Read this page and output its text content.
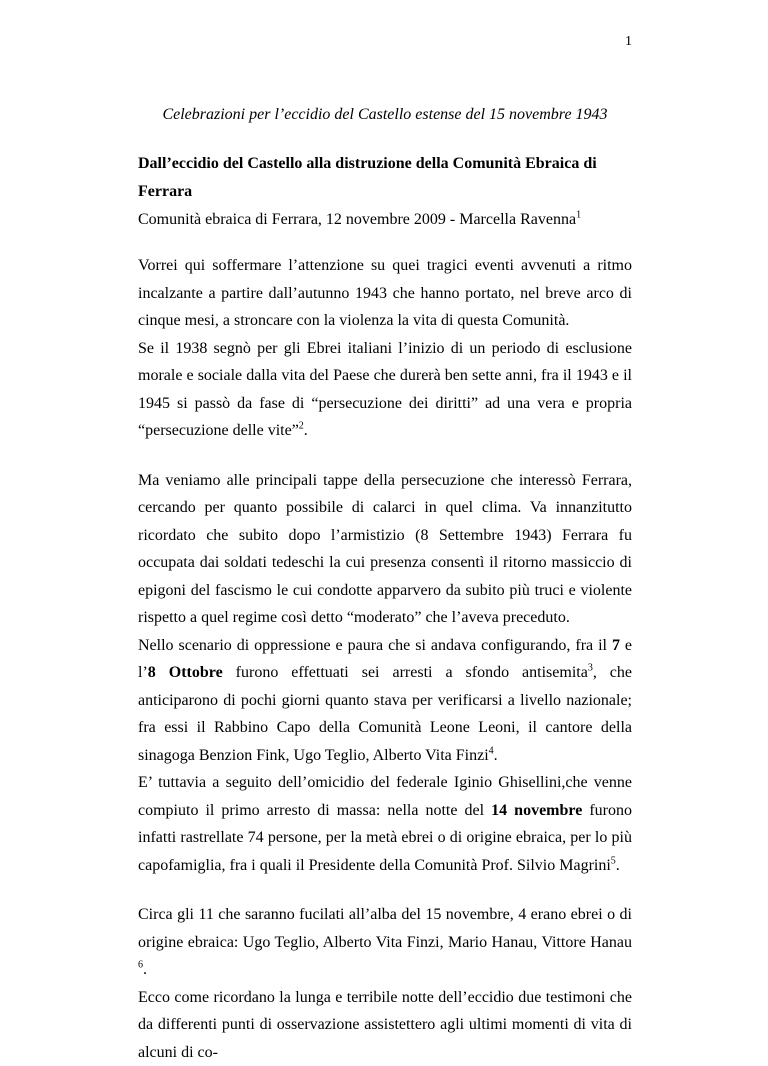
1

Celebrazioni per l’eccidio del Castello estense del 15 novembre 1943

Dall’eccidio del Castello alla distruzione della Comunità Ebraica di Ferrara

Comunità ebraica di Ferrara, 12 novembre 2009 - Marcella Ravenna$^1$

Vorrei qui soffermare l’attenzione su quei tragici eventi avvenuti a ritmo incalzante a partire dall’autunno 1943 che hanno portato, nel breve arco di cinque mesi, a stroncare con la violenza la vita di questa Comunità.

Se il 1938 segnò per gli Ebrei italiani l’inizio di un periodo di esclusione morale e sociale dalla vita del Paese che durerà ben sette anni, fra il 1943 e il 1945 si passò da fase di “persecuzione dei diritti” ad una vera e propria “persecuzione delle vite”$^2$.

Ma veniamo alle principali tappe della persecuzione che interessò Ferrara, cercando per quanto possibile di calarci in quel clima. Va innanzitutto ricordato che subito dopo l’armistizio (8 Settembre 1943) Ferrara fu occupata dai soldati tedeschi la cui presenza consentì il ritorno massiccio di epigoni del fascismo le cui condotte apparvero da subito più truci e violente rispetto a quel regime così detto “moderato” che l’aveva preceduto.

Nello scenario di oppressione e paura che si andava configurando, fra il 7 e l’8 Ottobre furono effettuati sei arresti a sfondo antisemita$^3$, che anticiparono di pochi giorni quanto stava per verificarsi a livello nazionale; fra essi il Rabbino Capo della Comunità Leone Leoni, il cantore della sinagoga Benzion Fink, Ugo Teglio, Alberto Vita Finzi$^4$.

E’ tuttavia a seguito dell’omicidio del federale Iginio Ghisellini,che venne compiuto il primo arresto di massa: nella notte del 14 novembre furono infatti rastrellate 74 persone, per la metà ebrei o di origine ebraica, per lo più capofamiglia, fra i quali il Presidente della Comunità Prof. Silvio Magrini$^5$.

Circa gli 11 che saranno fucilati all’alba del 15 novembre, 4 erano ebrei o di origine ebraica: Ugo Teglio, Alberto Vita Finzi, Mario Hanau, Vittore Hanau $^6$.

Ecco come ricordano la lunga e terribile notte dell’eccidio due testimoni che da differenti punti di osservazione assistettero agli ultimi momenti di vita di alcuni di co-
